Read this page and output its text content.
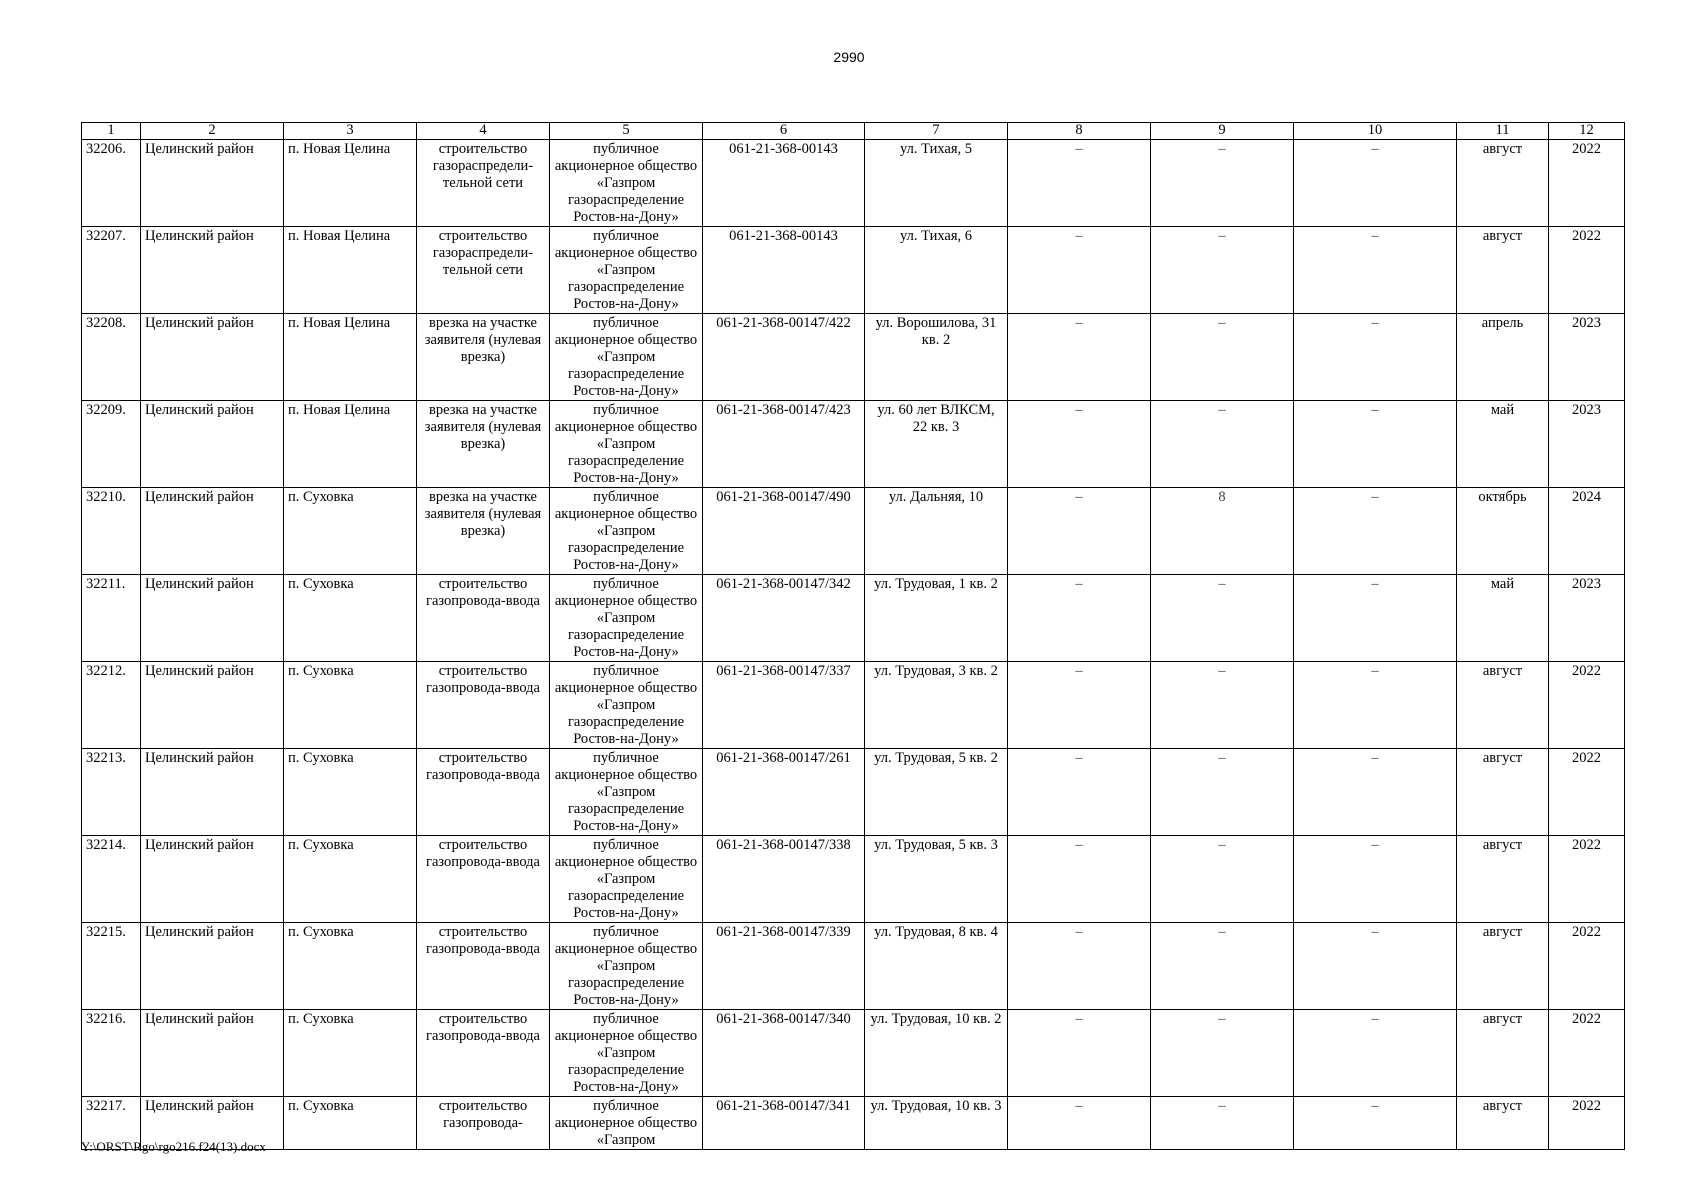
2990
1	2	3	4	5	6	7	8	9	10	11	12
32206.	Целинский район	п. Новая Целина	строительство газораспредели-тельной сети	публичное акционерное общество «Газпром газораспределение Ростов-на-Дону»	061-21-368-00143	ул. Тихая, 5	–	–	–	август	2022
32207.	Целинский район	п. Новая Целина	строительство газораспредели-тельной сети	публичное акционерное общество «Газпром газораспределение Ростов-на-Дону»	061-21-368-00143	ул. Тихая, 6	–	–	–	август	2022
32208.	Целинский район	п. Новая Целина	врезка на участке заявителя (нулевая врезка)	публичное акционерное общество «Газпром газораспределение Ростов-на-Дону»	061-21-368-00147/422	ул. Ворошилова, 31 кв. 2	–	–	–	апрель	2023
32209.	Целинский район	п. Новая Целина	врезка на участке заявителя (нулевая врезка)	публичное акционерное общество «Газпром газораспределение Ростов-на-Дону»	061-21-368-00147/423	ул. 60 лет ВЛКСМ, 22 кв. 3	–	–	–	май	2023
32210.	Целинский район	п. Суховка	врезка на участке заявителя (нулевая врезка)	публичное акционерное общество «Газпром газораспределение Ростов-на-Дону»	061-21-368-00147/490	ул. Дальняя, 10	–	8	–	октябрь	2024
32211.	Целинский район	п. Суховка	строительство газопровода-ввода	публичное акционерное общество «Газпром газораспределение Ростов-на-Дону»	061-21-368-00147/342	ул. Трудовая, 1 кв. 2	–	–	–	май	2023
32212.	Целинский район	п. Суховка	строительство газопровода-ввода	публичное акционерное общество «Газпром газораспределение Ростов-на-Дону»	061-21-368-00147/337	ул. Трудовая, 3 кв. 2	–	–	–	август	2022
32213.	Целинский район	п. Суховка	строительство газопровода-ввода	публичное акционерное общество «Газпром газораспределение Ростов-на-Дону»	061-21-368-00147/261	ул. Трудовая, 5 кв. 2	–	–	–	август	2022
32214.	Целинский район	п. Суховка	строительство газопровода-ввода	публичное акционерное общество «Газпром газораспределение Ростов-на-Дону»	061-21-368-00147/338	ул. Трудовая, 5 кв. 3	–	–	–	август	2022
32215.	Целинский район	п. Суховка	строительство газопровода-ввода	публичное акционерное общество «Газпром газораспределение Ростов-на-Дону»	061-21-368-00147/339	ул. Трудовая, 8 кв. 4	–	–	–	август	2022
32216.	Целинский район	п. Суховка	строительство газопровода-ввода	публичное акционерное общество «Газпром газораспределение Ростов-на-Дону»	061-21-368-00147/340	ул. Трудовая, 10 кв. 2	–	–	–	август	2022
32217.	Целинский район	п. Суховка	строительство газопровода-	публичное акционерное общество «Газпром	061-21-368-00147/341	ул. Трудовая, 10 кв. 3	–	–	–	август	2022
Y:\ORST\Rgo\rgo216.f24(13).docx
